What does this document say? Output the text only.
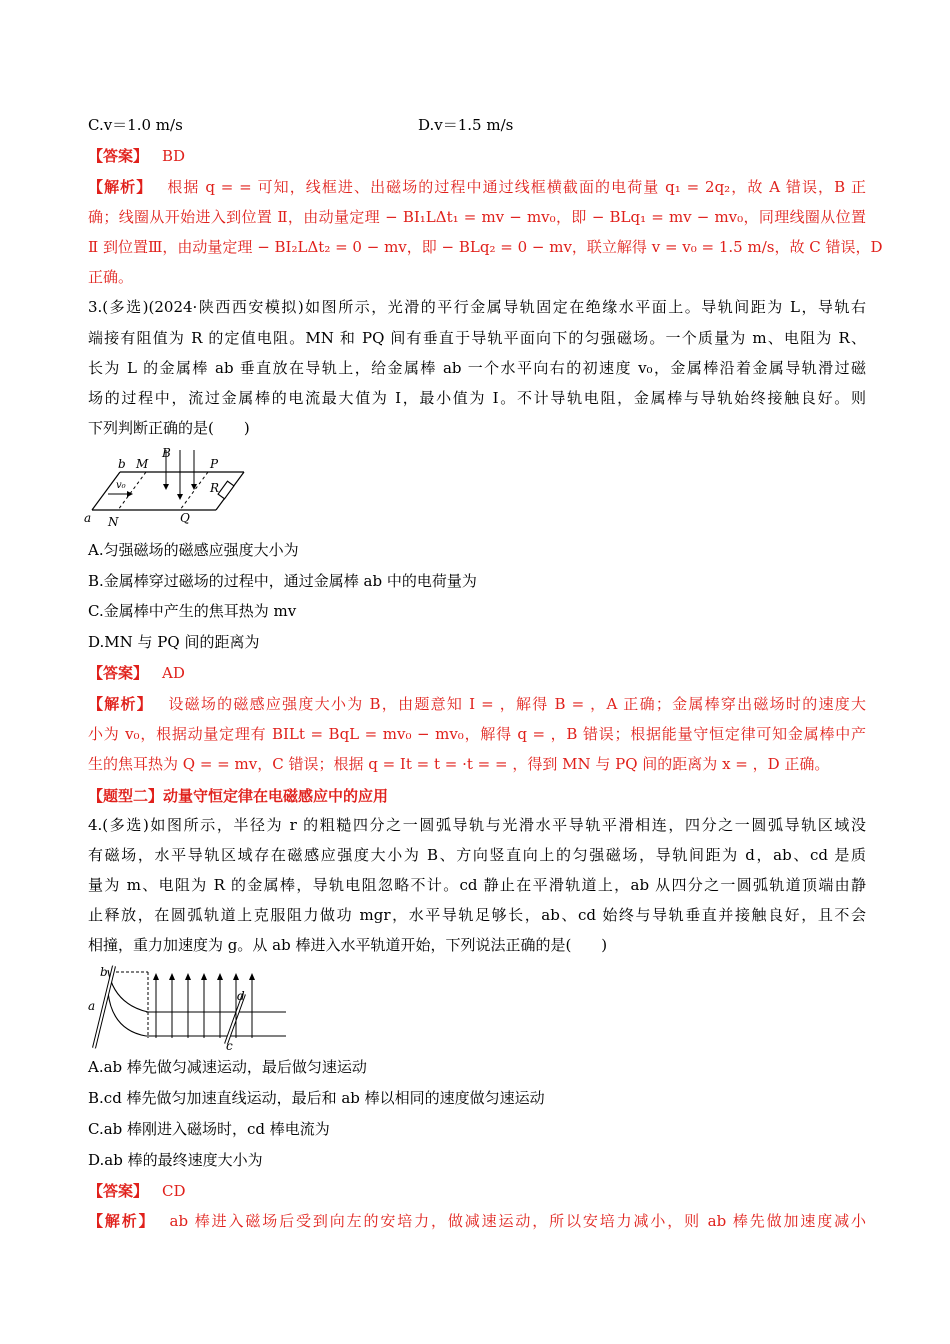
C.v＝1.0 m/s	D.v＝1.5 m/s
【答案】 BD
【解析】 根据 q = = 可知，线框进、出磁场的过程中通过线框横截面的电荷量 q₁ = 2q₂，故 A 错误，B 正
确；线圈从开始进入到位置 Ⅱ，由动量定理 − BI₁LΔt₁ = mv − mv₀，即 − BLq₁ = mv − mv₀，同理线圈从位置
Ⅱ 到位置Ⅲ，由动量定理 − BI₂LΔt₂ = 0 − mv，即 − BLq₂ = 0 − mv，联立解得 v = v₀ = 1.5 m/s，故 C 错误，D
正确。
3.(多选)(2024·陕西西安模拟)如图所示，光滑的平行金属导轨固定在绝缘水平面上。导轨间距为 L，导轨右
端接有阻值为 R 的定值电阻。MN 和 PQ 间有垂直于导轨平面向下的匀强磁场。一个质量为 m、电阻为 R、
长为 L 的金属棒 ab 垂直放在导轨上，给金属棒 ab 一个水平向右的初速度 v₀，金属棒沿着金属导轨滑过磁
场的过程中，流过金属棒的电流最大值为 I，最小值为 I。不计导轨电阻，金属棒与导轨始终接触良好。则
下列判断正确的是(　　)
b M
B
P
v₀	R
a N	Q
A.匀强磁场的磁感应强度大小为
B.金属棒穿过磁场的过程中，通过金属棒 ab 中的电荷量为
C.金属棒中产生的焦耳热为 mv
D.MN 与 PQ 间的距离为
【答案】 AD
【解析】 设磁场的磁感应强度大小为 B，由题意知 I = ，解得 B = ，A 正确；金属棒穿出磁场时的速度大
小为 v₀，根据动量定理有 BILt = BqL = mv₀ − mv₀，解得 q = ，B 错误；根据能量守恒定律可知金属棒中产
生的焦耳热为 Q = = mv，C 错误；根据 q = It = t = ·t = = ，得到 MN 与 PQ 间的距离为 x = ，D 正确。
【题型二】动量守恒定律在电磁感应中的应用
4.(多选)如图所示，半径为 r 的粗糙四分之一圆弧导轨与光滑水平导轨平滑相连，四分之一圆弧导轨区域没
有磁场，水平导轨区域存在磁感应强度大小为 B、方向竖直向上的匀强磁场，导轨间距为 d，ab、cd 是质
量为 m、电阻为 R 的金属棒，导轨电阻忽略不计。cd 静止在平滑轨道上，ab 从四分之一圆弧轨道顶端由静
止释放，在圆弧轨道上克服阻力做功 mgr，水平导轨足够长，ab、cd 始终与导轨垂直并接触良好，且不会
相撞，重力加速度为 g。从 ab 棒进入水平轨道开始，下列说法正确的是(　　)
b
a
d
c
A.ab 棒先做匀减速运动，最后做匀速运动
B.cd 棒先做匀加速直线运动，最后和 ab 棒以相同的速度做匀速运动
C.ab 棒刚进入磁场时，cd 棒电流为
D.ab 棒的最终速度大小为
【答案】 CD
【解析】 ab 棒进入磁场后受到向左的安培力，做减速运动，所以安培力减小，则 ab 棒先做加速度减小
